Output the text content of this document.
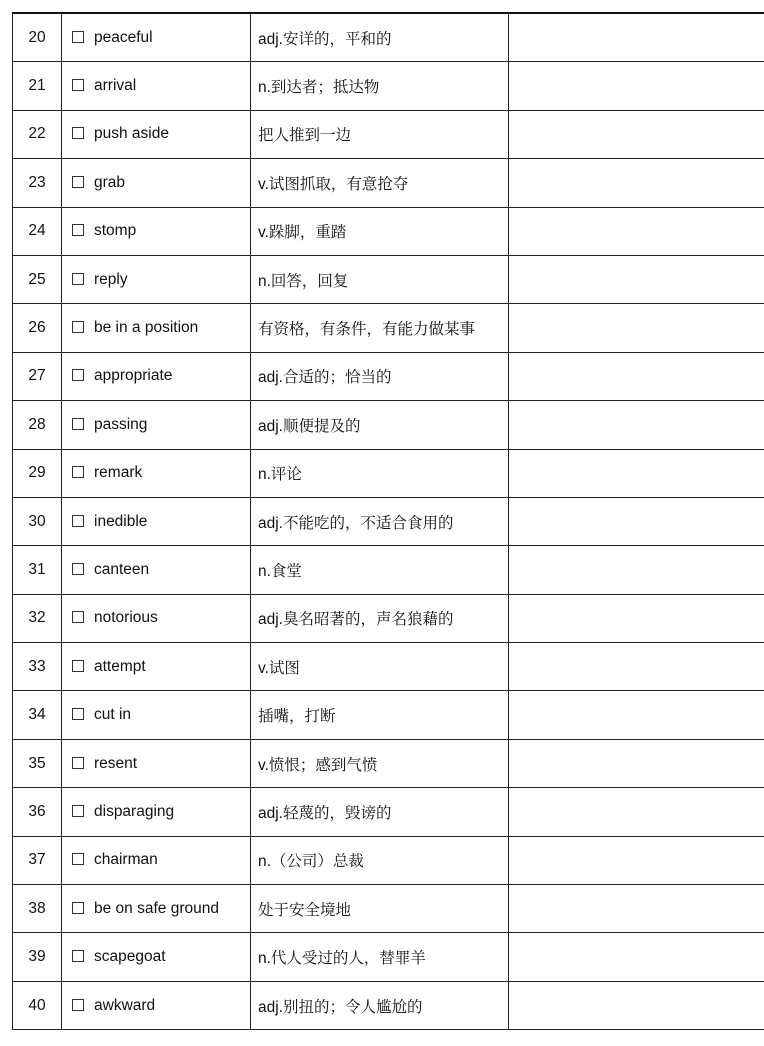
20	peaceful	adj.安详的，平和的	
21	arrival	n.到达者；抵达物	
22	push aside	把人推到一边	
23	grab	v.试图抓取，有意抢夺	
24	stomp	v.跺脚，重踏	
25	reply	n.回答，回复	
26	be in a position	有资格，有条件，有能力做某事	
27	appropriate	adj.合适的；恰当的	
28	passing	adj.顺便提及的	
29	remark	n.评论	
30	inedible	adj.不能吃的，不适合食用的	
31	canteen	n.食堂	
32	notorious	adj.臭名昭著的，声名狼藉的	
33	attempt	v.试图	
34	cut in	插嘴，打断	
35	resent	v.愤恨；感到气愤	
36	disparaging	adj.轻蔑的，毁谤的	
37	chairman	n.（公司）总裁	
38	be on safe ground	处于安全境地	
39	scapegoat	n.代人受过的人，替罪羊	
40	awkward	adj.别扭的；令人尴尬的	
